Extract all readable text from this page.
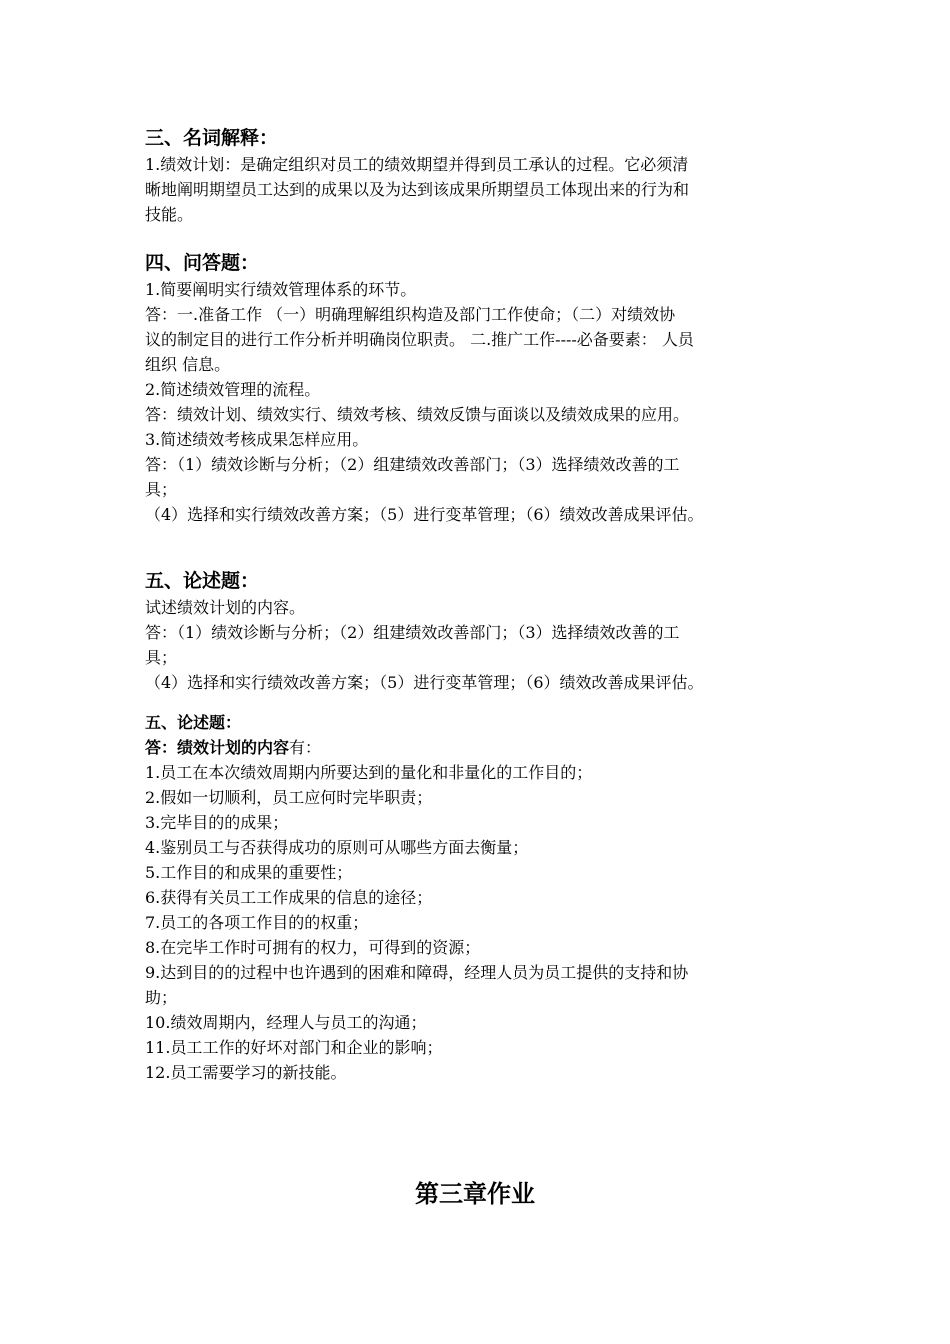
三、名词解释：
1.绩效计划：是确定组织对员工的绩效期望并得到员工承认的过程。它必须清
晰地阐明期望员工达到的成果以及为达到该成果所期望员工体现出来的行为和
技能。
四、问答题：
1.简要阐明实行绩效管理体系的环节。
答：一.准备工作 （一）明确理解组织构造及部门工作使命；（二）对绩效协
议的制定目的进行工作分析并明确岗位职责。 二.推广工作----必备要素： 人员
组织 信息。
2.简述绩效管理的流程。
答：绩效计划、绩效实行、绩效考核、绩效反馈与面谈以及绩效成果的应用。
3.简述绩效考核成果怎样应用。
答：（1）绩效诊断与分析；（2）组建绩效改善部门；（3）选择绩效改善的工
具；
（4）选择和实行绩效改善方案；（5）进行变革管理；（6）绩效改善成果评估。
五、论述题：
试述绩效计划的内容。
答：（1）绩效诊断与分析；（2）组建绩效改善部门；（3）选择绩效改善的工
具；
（4）选择和实行绩效改善方案；（5）进行变革管理；（6）绩效改善成果评估。
五、论述题：
答：绩效计划的内容有：
1.员工在本次绩效周期内所要达到的量化和非量化的工作目的；
2.假如一切顺利，员工应何时完毕职责；
3.完毕目的的成果；
4.鉴别员工与否获得成功的原则可从哪些方面去衡量；
5.工作目的和成果的重要性；
6.获得有关员工工作成果的信息的途径；
7.员工的各项工作目的的权重；
8.在完毕工作时可拥有的权力，可得到的资源；
9.达到目的的过程中也许遇到的困难和障碍，经理人员为员工提供的支持和协
助；
10.绩效周期内，经理人与员工的沟通；
11.员工工作的好坏对部门和企业的影响；
12.员工需要学习的新技能。
第三章作业
